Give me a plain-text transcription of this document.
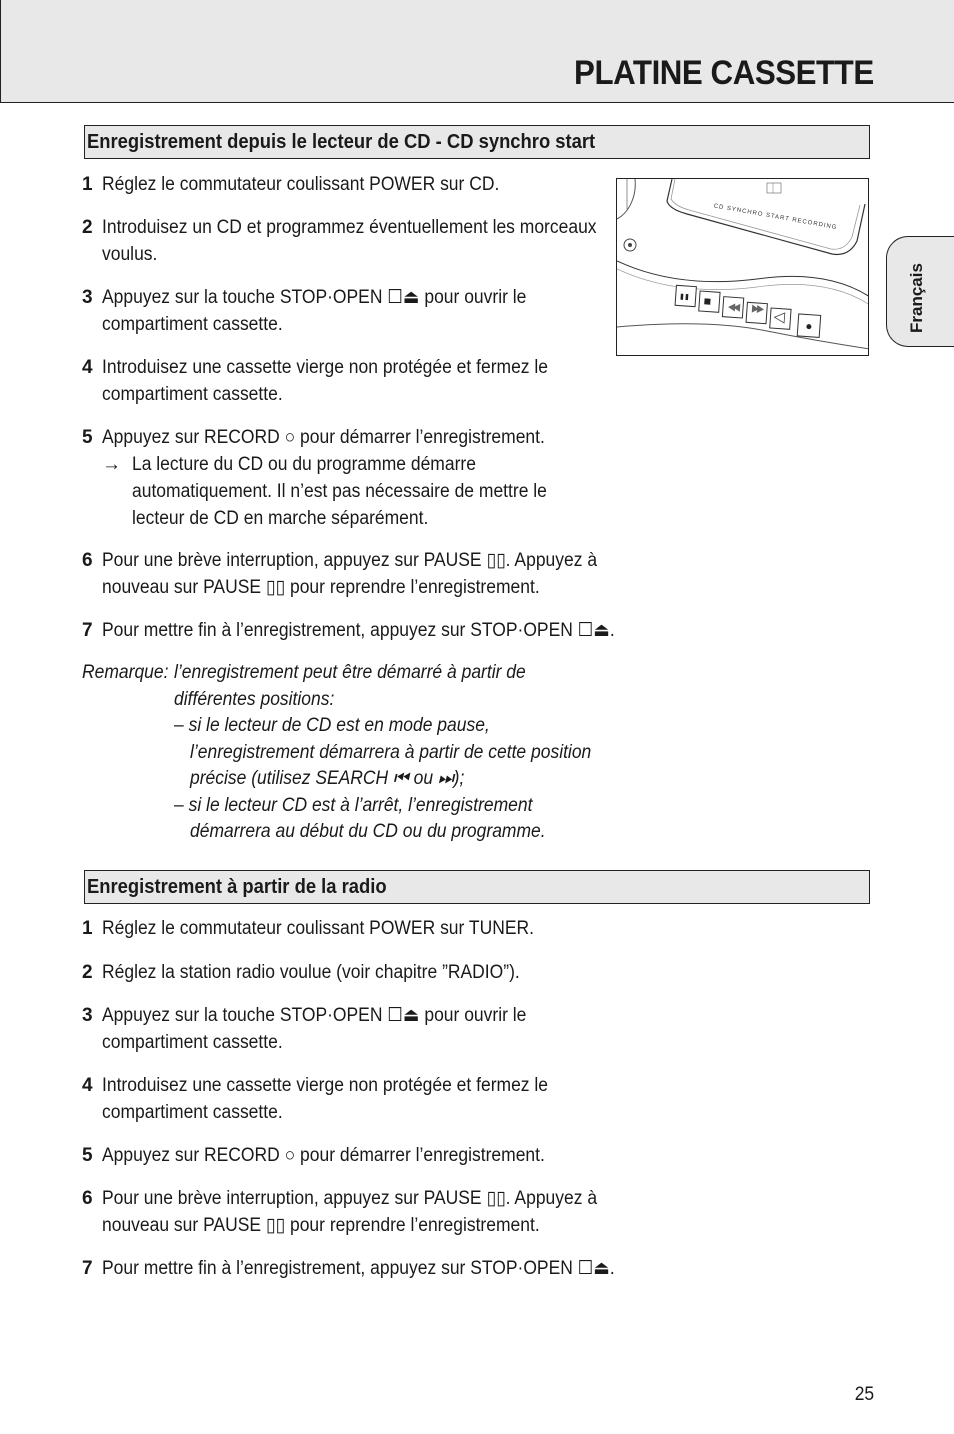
PLATINE CASSETTE
Enregistrement depuis le lecteur de CD - CD synchro start
1 Réglez le commutateur coulissant POWER sur CD.
2 Introduisez un CD et programmez éventuellement les morceaux
voulus.
3 Appuyez sur la touche STOP·OPEN ☐⏏ pour ouvrir le
compartiment cassette.
4 Introduisez une cassette vierge non protégée et fermez le
compartiment cassette.
5 Appuyez sur RECORD ○ pour démarrer l’enregistrement.
→ La lecture du CD ou du programme démarre
automatiquement. Il n’est pas nécessaire de mettre le
lecteur de CD en marche séparément.
6 Pour une brève interruption, appuyez sur PAUSE ▯▯. Appuyez à
nouveau sur PAUSE ▯▯ pour reprendre l’enregistrement.
7 Pour mettre fin à l’enregistrement, appuyez sur STOP·OPEN ☐⏏.
Remarque: l’enregistrement peut être démarré à partir de
différentes positions:
– si le lecteur de CD est en mode pause,
l’enregistrement démarrera à partir de cette position
précise (utilisez SEARCH ⏮ ou ⏭);
– si le lecteur CD est à l’arrêt, l’enregistrement
démarrera au début du CD ou du programme.
CD SYNCHRO START RECORDING
Enregistrement à partir de la radio
1 Réglez le commutateur coulissant POWER sur TUNER.
2 Réglez la station radio voulue (voir chapitre ”RADIO”).
3 Appuyez sur la touche STOP·OPEN ☐⏏ pour ouvrir le
compartiment cassette.
4 Introduisez une cassette vierge non protégée et fermez le
compartiment cassette.
5 Appuyez sur RECORD ○ pour démarrer l’enregistrement.
6 Pour une brève interruption, appuyez sur PAUSE ▯▯. Appuyez à
nouveau sur PAUSE ▯▯ pour reprendre l’enregistrement.
7 Pour mettre fin à l’enregistrement, appuyez sur STOP·OPEN ☐⏏.
Français
25
